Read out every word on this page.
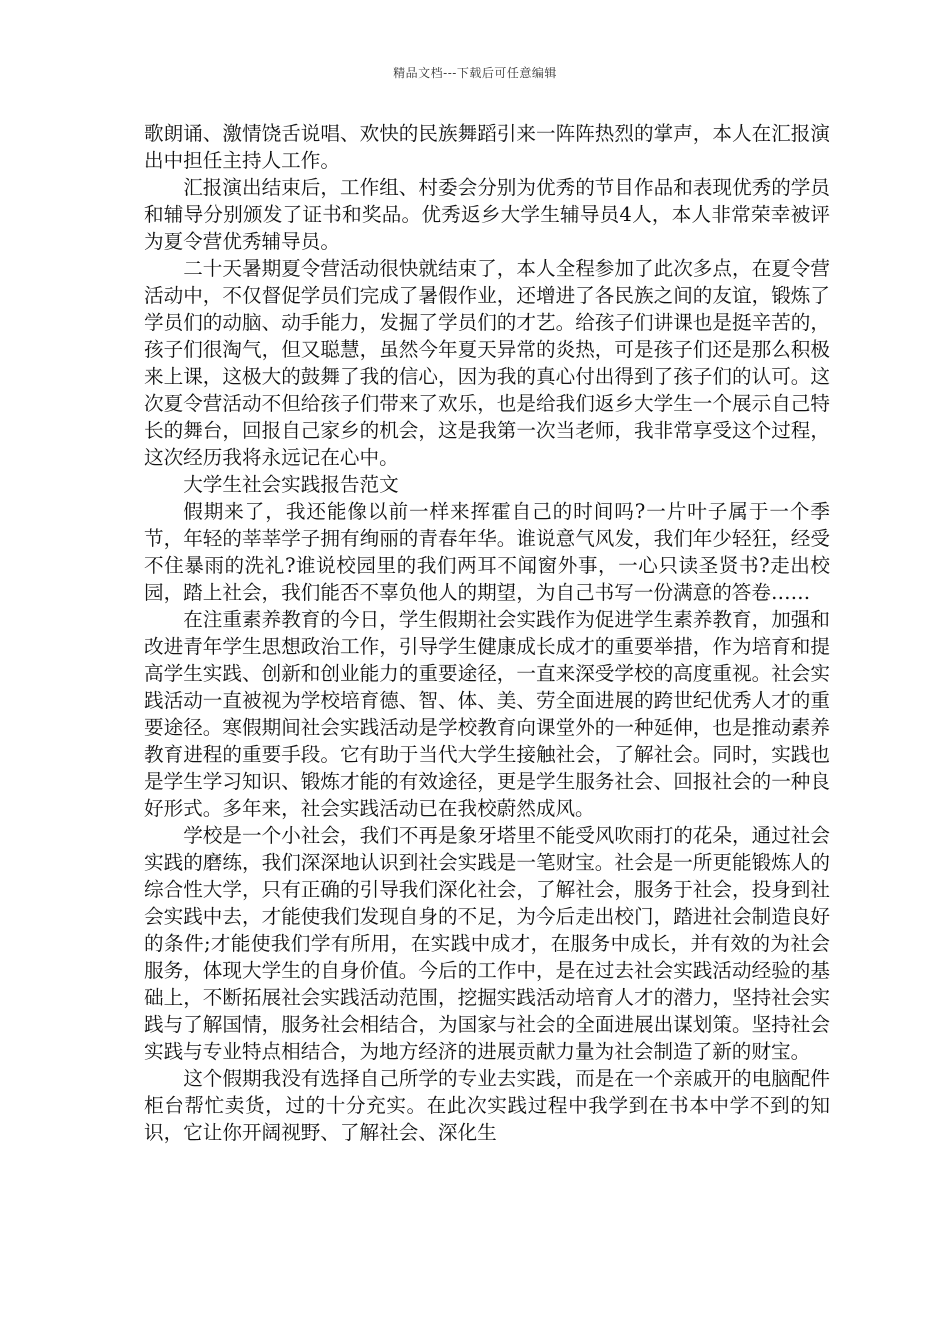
精品文档---下载后可任意编辑

歌朗诵、激情饶舌说唱、欢快的民族舞蹈引来一阵阵热烈的掌声，本人在汇报演出中担任主持人工作。

汇报演出结束后，工作组、村委会分别为优秀的节目作品和表现优秀的学员和辅导分别颁发了证书和奖品。优秀返乡大学生辅导员4人，本人非常荣幸被评为夏令营优秀辅导员。

二十天暑期夏令营活动很快就结束了，本人全程参加了此次多点，在夏令营活动中，不仅督促学员们完成了暑假作业，还增进了各民族之间的友谊，锻炼了学员们的动脑、动手能力，发掘了学员们的才艺。给孩子们讲课也是挺辛苦的，孩子们很淘气，但又聪慧，虽然今年夏天异常的炎热，可是孩子们还是那么积极来上课，这极大的鼓舞了我的信心，因为我的真心付出得到了孩子们的认可。这次夏令营活动不但给孩子们带来了欢乐，也是给我们返乡大学生一个展示自己特长的舞台，回报自己家乡的机会，这是我第一次当老师，我非常享受这个过程，这次经历我将永远记在心中。

大学生社会实践报告范文

假期来了，我还能像以前一样来挥霍自己的时间吗?一片叶子属于一个季节，年轻的莘莘学子拥有绚丽的青春年华。谁说意气风发，我们年少轻狂，经受不住暴雨的洗礼?谁说校园里的我们两耳不闻窗外事，一心只读圣贤书?走出校园，踏上社会，我们能否不辜负他人的期望，为自己书写一份满意的答卷……

在注重素养教育的今日，学生假期社会实践作为促进学生素养教育，加强和改进青年学生思想政治工作，引导学生健康成长成才的重要举措，作为培育和提高学生实践、创新和创业能力的重要途径，一直来深受学校的高度重视。社会实践活动一直被视为学校培育德、智、体、美、劳全面进展的跨世纪优秀人才的重要途径。寒假期间社会实践活动是学校教育向课堂外的一种延伸，也是推动素养教育进程的重要手段。它有助于当代大学生接触社会，了解社会。同时，实践也是学生学习知识、锻炼才能的有效途径，更是学生服务社会、回报社会的一种良好形式。多年来，社会实践活动已在我校蔚然成风。

学校是一个小社会，我们不再是象牙塔里不能受风吹雨打的花朵，通过社会实践的磨练，我们深深地认识到社会实践是一笔财宝。社会是一所更能锻炼人的综合性大学，只有正确的引导我们深化社会，了解社会，服务于社会，投身到社会实践中去，才能使我们发现自身的不足，为今后走出校门，踏进社会制造良好的条件;才能使我们学有所用，在实践中成才，在服务中成长，并有效的为社会服务，体现大学生的自身价值。今后的工作中，是在过去社会实践活动经验的基础上，不断拓展社会实践活动范围，挖掘实践活动培育人才的潜力，坚持社会实践与了解国情，服务社会相结合，为国家与社会的全面进展出谋划策。坚持社会实践与专业特点相结合，为地方经济的进展贡献力量为社会制造了新的财宝。

这个假期我没有选择自己所学的专业去实践，而是在一个亲戚开的电脑配件柜台帮忙卖货，过的十分充实。在此次实践过程中我学到在书本中学不到的知识，它让你开阔视野、了解社会、深化生
